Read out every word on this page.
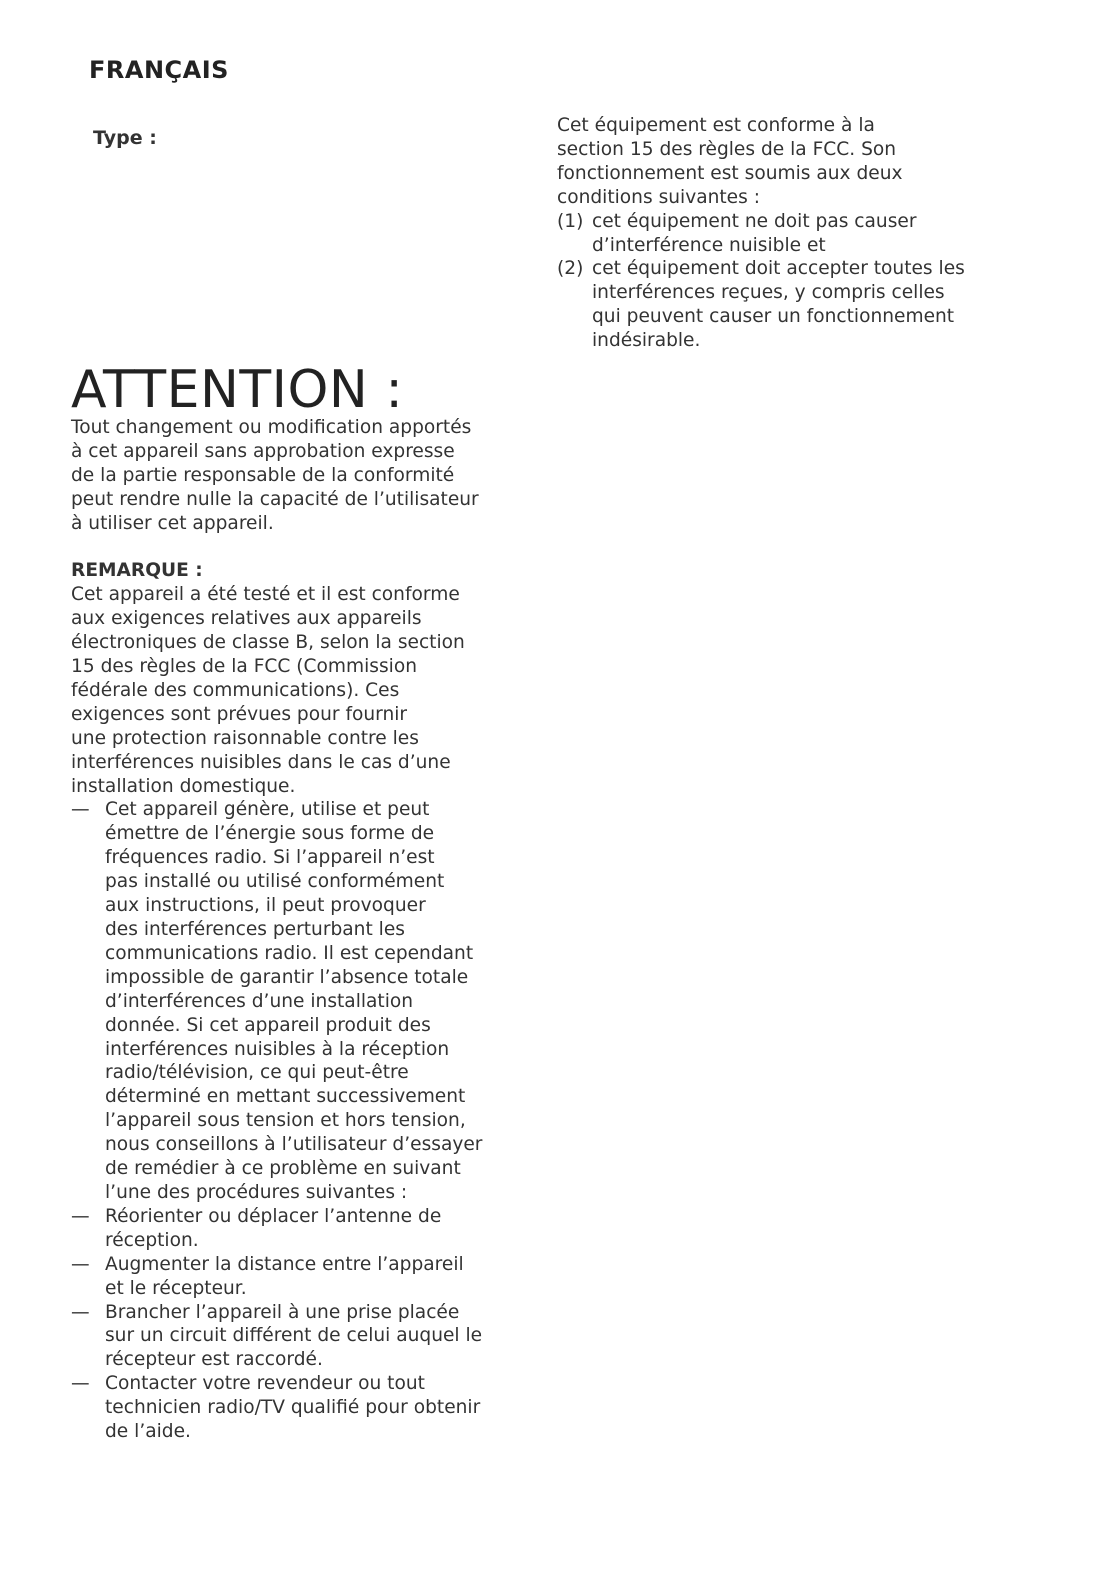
FRANÇAIS
Type :
ATTENTION :
Tout changement ou modification apportés
à cet appareil sans approbation expresse
de la partie responsable de la conformité
peut rendre nulle la capacité de l’utilisateur
à utiliser cet appareil.
REMARQUE :
Cet appareil a été testé et il est conforme
aux exigences relatives aux appareils
électroniques de classe B, selon la section
15 des règles de la FCC (Commission
fédérale des communications). Ces
exigences sont prévues pour fournir
une protection raisonnable contre les
interférences nuisibles dans le cas d’une
installation domestique.
— Cet appareil génère, utilise et peut
émettre de l’énergie sous forme de
fréquences radio. Si l’appareil n’est
pas installé ou utilisé conformément
aux instructions, il peut provoquer
des interférences perturbant les
communications radio. Il est cependant
impossible de garantir l’absence totale
d’interférences d’une installation
donnée. Si cet appareil produit des
interférences nuisibles à la réception
radio/télévision, ce qui peut-être
déterminé en mettant successivement
l’appareil sous tension et hors tension,
nous conseillons à l’utilisateur d’essayer
de remédier à ce problème en suivant
l’une des procédures suivantes :
— Réorienter ou déplacer l’antenne de
réception.
— Augmenter la distance entre l’appareil
et le récepteur.
— Brancher l’appareil à une prise placée
sur un circuit différent de celui auquel le
récepteur est raccordé.
— Contacter votre revendeur ou tout
technicien radio/TV qualifié pour obtenir
de l’aide.
Cet équipement est conforme à la
section 15 des règles de la FCC. Son
fonctionnement est soumis aux deux
conditions suivantes :
(1) cet équipement ne doit pas causer
d’interférence nuisible et
(2) cet équipement doit accepter toutes les
interférences reçues, y compris celles
qui peuvent causer un fonctionnement
indésirable.
